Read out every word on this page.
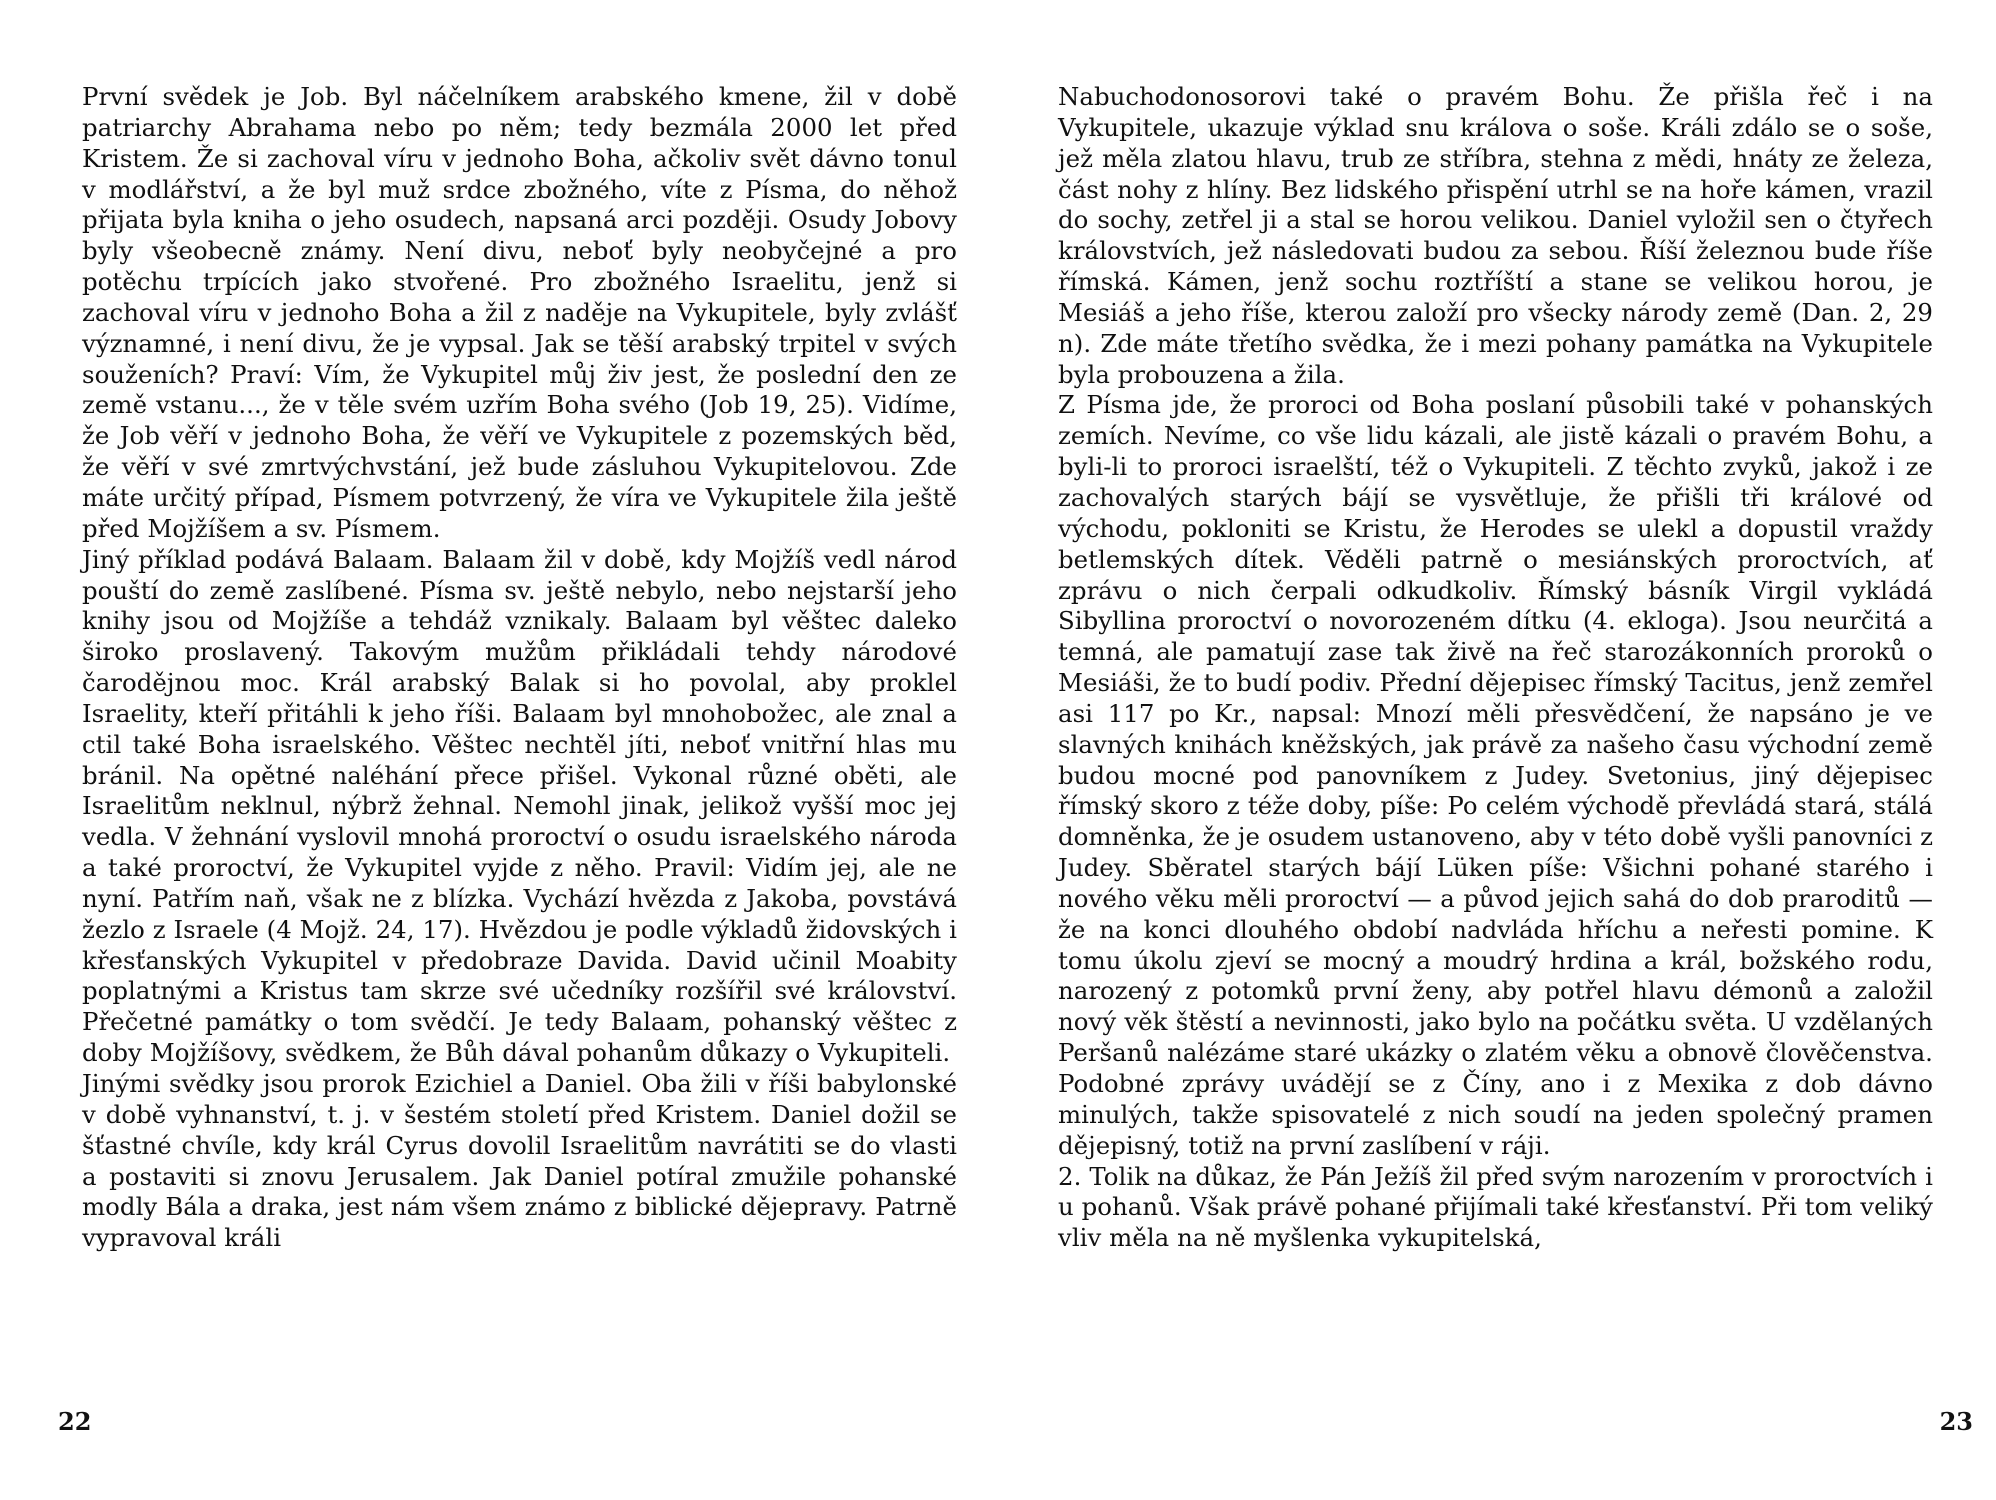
První svědek je Job. Byl náčelníkem arabského kmene, žil v době patriarchy Abrahama nebo po něm; tedy bezmála 2000 let před Kristem. Že si zachoval víru v jednoho Boha, ačkoliv svět dávno tonul v modlářství, a že byl muž srdce zbožného, víte z Písma, do něhož přijata byla kniha o jeho osudech, napsaná arci později. Osudy Jobovy byly všeobecně známy. Není divu, neboť byly neobyčejné a pro potěchu trpících jako stvořené. Pro zbožného Israelitu, jenž si zachoval víru v jednoho Boha a žil z naděje na Vykupitele, byly zvlášť významné, i není divu, že je vypsal. Jak se těší arabský trpitel v svých souženích? Praví: Vím, že Vykupitel můj živ jest, že poslední den ze země vstanu..., že v těle svém uzřím Boha svého (Job 19, 25). Vidíme, že Job věří v jednoho Boha, že věří ve Vykupitele z pozemských běd, že věří v své zmrtvýchvstání, jež bude zásluhou Vykupitelovou. Zde máte určitý případ, Písmem potvrzený, že víra ve Vykupitele žila ještě před Mojžíšem a sv. Písmem.

Jiný příklad podává Balaam. Balaam žil v době, kdy Mojžíš vedl národ pouští do země zaslíbené. Písma sv. ještě nebylo, nebo nejstarší jeho knihy jsou od Mojžíše a tehdáž vznikaly. Balaam byl věštec daleko široko proslavený. Takovým mužům přikládali tehdy národové čarodějnou moc. Král arabský Balak si ho povolal, aby proklel Israelity, kteří přitáhli k jeho říši. Balaam byl mnohobožec, ale znal a ctil také Boha israelského. Věštec nechtěl jíti, neboť vnitřní hlas mu bránil. Na opětné naléhání přece přišel. Vykonal různé oběti, ale Israelitům neklnul, nýbrž žehnal. Nemohl jinak, jelikož vyšší moc jej vedla. V žehnání vyslovil mnohá proroctví o osudu israelského národa a také proroctví, že Vykupitel vyjde z něho. Pravil: Vidím jej, ale ne nyní. Patřím naň, však ne z blízka. Vychází hvězda z Jakoba, povstává žezlo z Israele (4 Mojž. 24, 17). Hvězdou je podle výkladů židovských i křesťanských Vykupitel v předobraze Davida. David učinil Moabity poplatnými a Kristus tam skrze své učedníky rozšířil své království. Přečetné památky o tom svědčí. Je tedy Balaam, pohanský věštec z doby Mojžíšovy, svědkem, že Bůh dával pohanům důkazy o Vykupiteli.

Jinými svědky jsou prorok Ezichiel a Daniel. Oba žili v říši babylonské v době vyhnanství, t. j. v šestém století před Kristem. Daniel dožil se šťastné chvíle, kdy král Cyrus dovolil Israelitům navrátiti se do vlasti a postaviti si znovu Jerusalem. Jak Daniel potíral zmužile pohanské modly Bála a draka, jest nám všem známo z biblické dějepravy. Patrně vypravoval králi

22

Nabuchodonosorovi také o pravém Bohu. Že přišla řeč i na Vykupitele, ukazuje výklad snu králova o soše. Králi zdálo se o soše, jež měla zlatou hlavu, trub ze stříbra, stehna z mědi, hnáty ze železa, část nohy z hlíny. Bez lidského přispění utrhl se na hoře kámen, vrazil do sochy, zetřel ji a stal se horou velikou. Daniel vyložil sen o čtyřech královstvích, jež následovati budou za sebou. Říší železnou bude říše římská. Kámen, jenž sochu roztříští a stane se velikou horou, je Mesiáš a jeho říše, kterou založí pro všecky národy země (Dan. 2, 29 n). Zde máte třetího svědka, že i mezi pohany památka na Vykupitele byla probouzena a žila.

Z Písma jde, že proroci od Boha poslaní působili také v pohanských zemích. Nevíme, co vše lidu kázali, ale jistě kázali o pravém Bohu, a byli-li to proroci israelští, též o Vykupiteli. Z těchto zvyků, jakož i ze zachovalých starých bájí se vysvětluje, že přišli tři králové od východu, pokloniti se Kristu, že Herodes se ulekl a dopustil vraždy betlemských dítek. Věděli patrně o mesiánských proroctvích, ať zprávu o nich čerpali odkudkoliv. Římský básník Virgil vykládá Sibyllina proroctví o novorozeném dítku (4. ekloga). Jsou neurčitá a temná, ale pamatují zase tak živě na řeč starozákonních proroků o Mesiáši, že to budí podiv. Přední dějepisec římský Tacitus, jenž zemřel asi 117 po Kr., napsal: Mnozí měli přesvědčení, že napsáno je ve slavných knihách kněžských, jak právě za našeho času východní země budou mocné pod panovníkem z Judey. Svetonius, jiný dějepisec římský skoro z téže doby, píše: Po celém východě převládá stará, stálá domněnka, že je osudem ustanoveno, aby v této době vyšli panovníci z Judey. Sběratel starých bájí Lüken píše: Všichni pohané starého i nového věku měli proroctví — a původ jejich sahá do dob praroditů — že na konci dlouhého období nadvláda hříchu a neřesti pomine. K tomu úkolu zjeví se mocný a moudrý hrdina a král, božského rodu, narozený z potomků první ženy, aby potřel hlavu démonů a založil nový věk štěstí a nevinnosti, jako bylo na počátku světa. U vzdělaných Peršanů nalézáme staré ukázky o zlatém věku a obnově člověčenstva. Podobné zprávy uvádějí se z Číny, ano i z Mexika z dob dávno minulých, takže spisovatelé z nich soudí na jeden společný pramen dějepisný, totiž na první zaslíbení v ráji.

2. Tolik na důkaz, že Pán Ježíš žil před svým narozením v proroctvích i u pohanů. Však právě pohané přijímali také křesťanství. Při tom veliký vliv měla na ně myšlenka vykupitelská,

23
